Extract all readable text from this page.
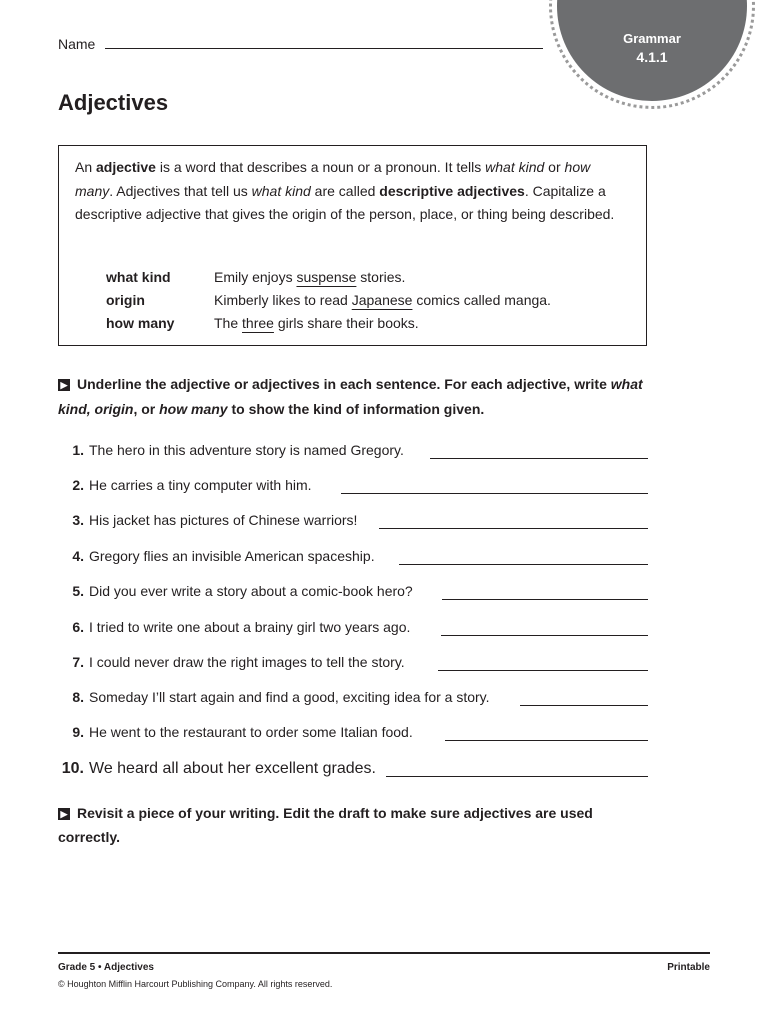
Grammar
4.1.1
Name
Adjectives
An adjective is a word that describes a noun or a pronoun. It tells what kind or how many. Adjectives that tell us what kind are called descriptive adjectives. Capitalize a descriptive adjective that gives the origin of the person, place, or thing being described.
what kind	Emily enjoys suspense stories.
origin	Kimberly likes to read Japanese comics called manga.
how many	The three girls share their books.
▶ Underline the adjective or adjectives in each sentence. For each adjective, write what kind, origin, or how many to show the kind of information given.
1. The hero in this adventure story is named Gregory.
2. He carries a tiny computer with him.
3. His jacket has pictures of Chinese warriors!
4. Gregory flies an invisible American spaceship.
5. Did you ever write a story about a comic-book hero?
6. I tried to write one about a brainy girl two years ago.
7. I could never draw the right images to tell the story.
8. Someday I’ll start again and find a good, exciting idea for a story.
9. He went to the restaurant to order some Italian food.
10. We heard all about her excellent grades.
▶ Revisit a piece of your writing. Edit the draft to make sure adjectives are used correctly.
Grade 5 • Adjectives	Printable
© Houghton Mifflin Harcourt Publishing Company. All rights reserved.
